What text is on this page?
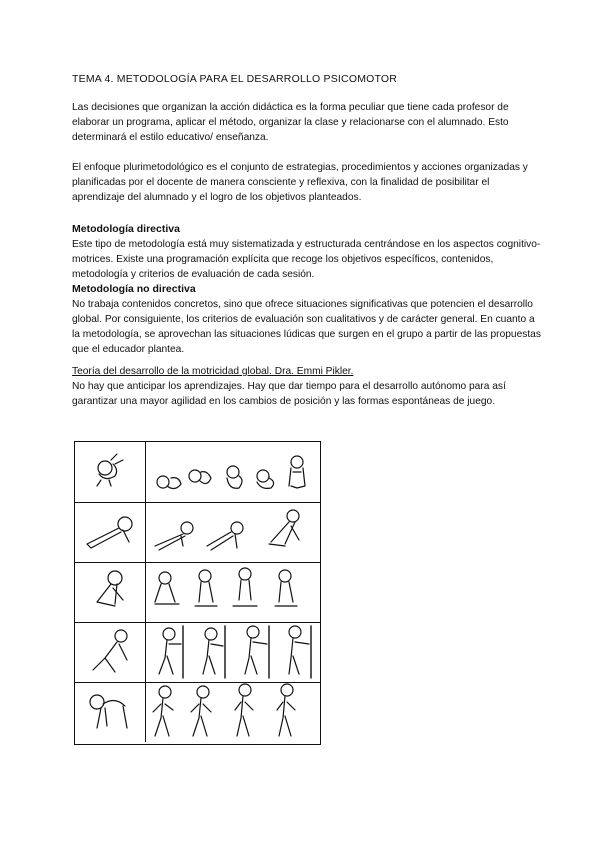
TEMA 4. METODOLOGÍA PARA EL DESARROLLO PSICOMOTOR
Las decisiones que organizan la acción didáctica es la forma peculiar que tiene cada profesor de elaborar un programa, aplicar el método, organizar la clase y relacionarse con el alumnado. Esto determinará el estilo educativo/ enseñanza.
El enfoque plurimetodológico es el conjunto de estrategias, procedimientos y acciones organizadas y planificadas por el docente de manera consciente y reflexiva, con la finalidad de posibilitar el aprendizaje del alumnado y el logro de los objetivos planteados.
Metodología directiva

Este tipo de metodología está muy sistematizada y estructurada centrándose en los aspectos cognitivo-motrices. Existe una programación explícita que recoge los objetivos específicos, contenidos, metodología y criterios de evaluación de cada sesión.

Metodología no directiva

No trabaja contenidos concretos, sino que ofrece situaciones significativas que potencien el desarrollo global. Por consiguiente, los criterios de evaluación son cualitativos y de carácter general. En cuanto a la metodología, se aprovechan las situaciones lúdicas que surgen en el grupo a partir de las propuestas que el educador plantea.

Teoría del desarrollo de la motricidad global. Dra. Emmi Pikler.
No hay que anticipar los aprendizajes. Hay que dar tiempo para el desarrollo autónomo para así garantizar una mayor agilidad en los cambios de posición y las formas espontáneas de juego.
